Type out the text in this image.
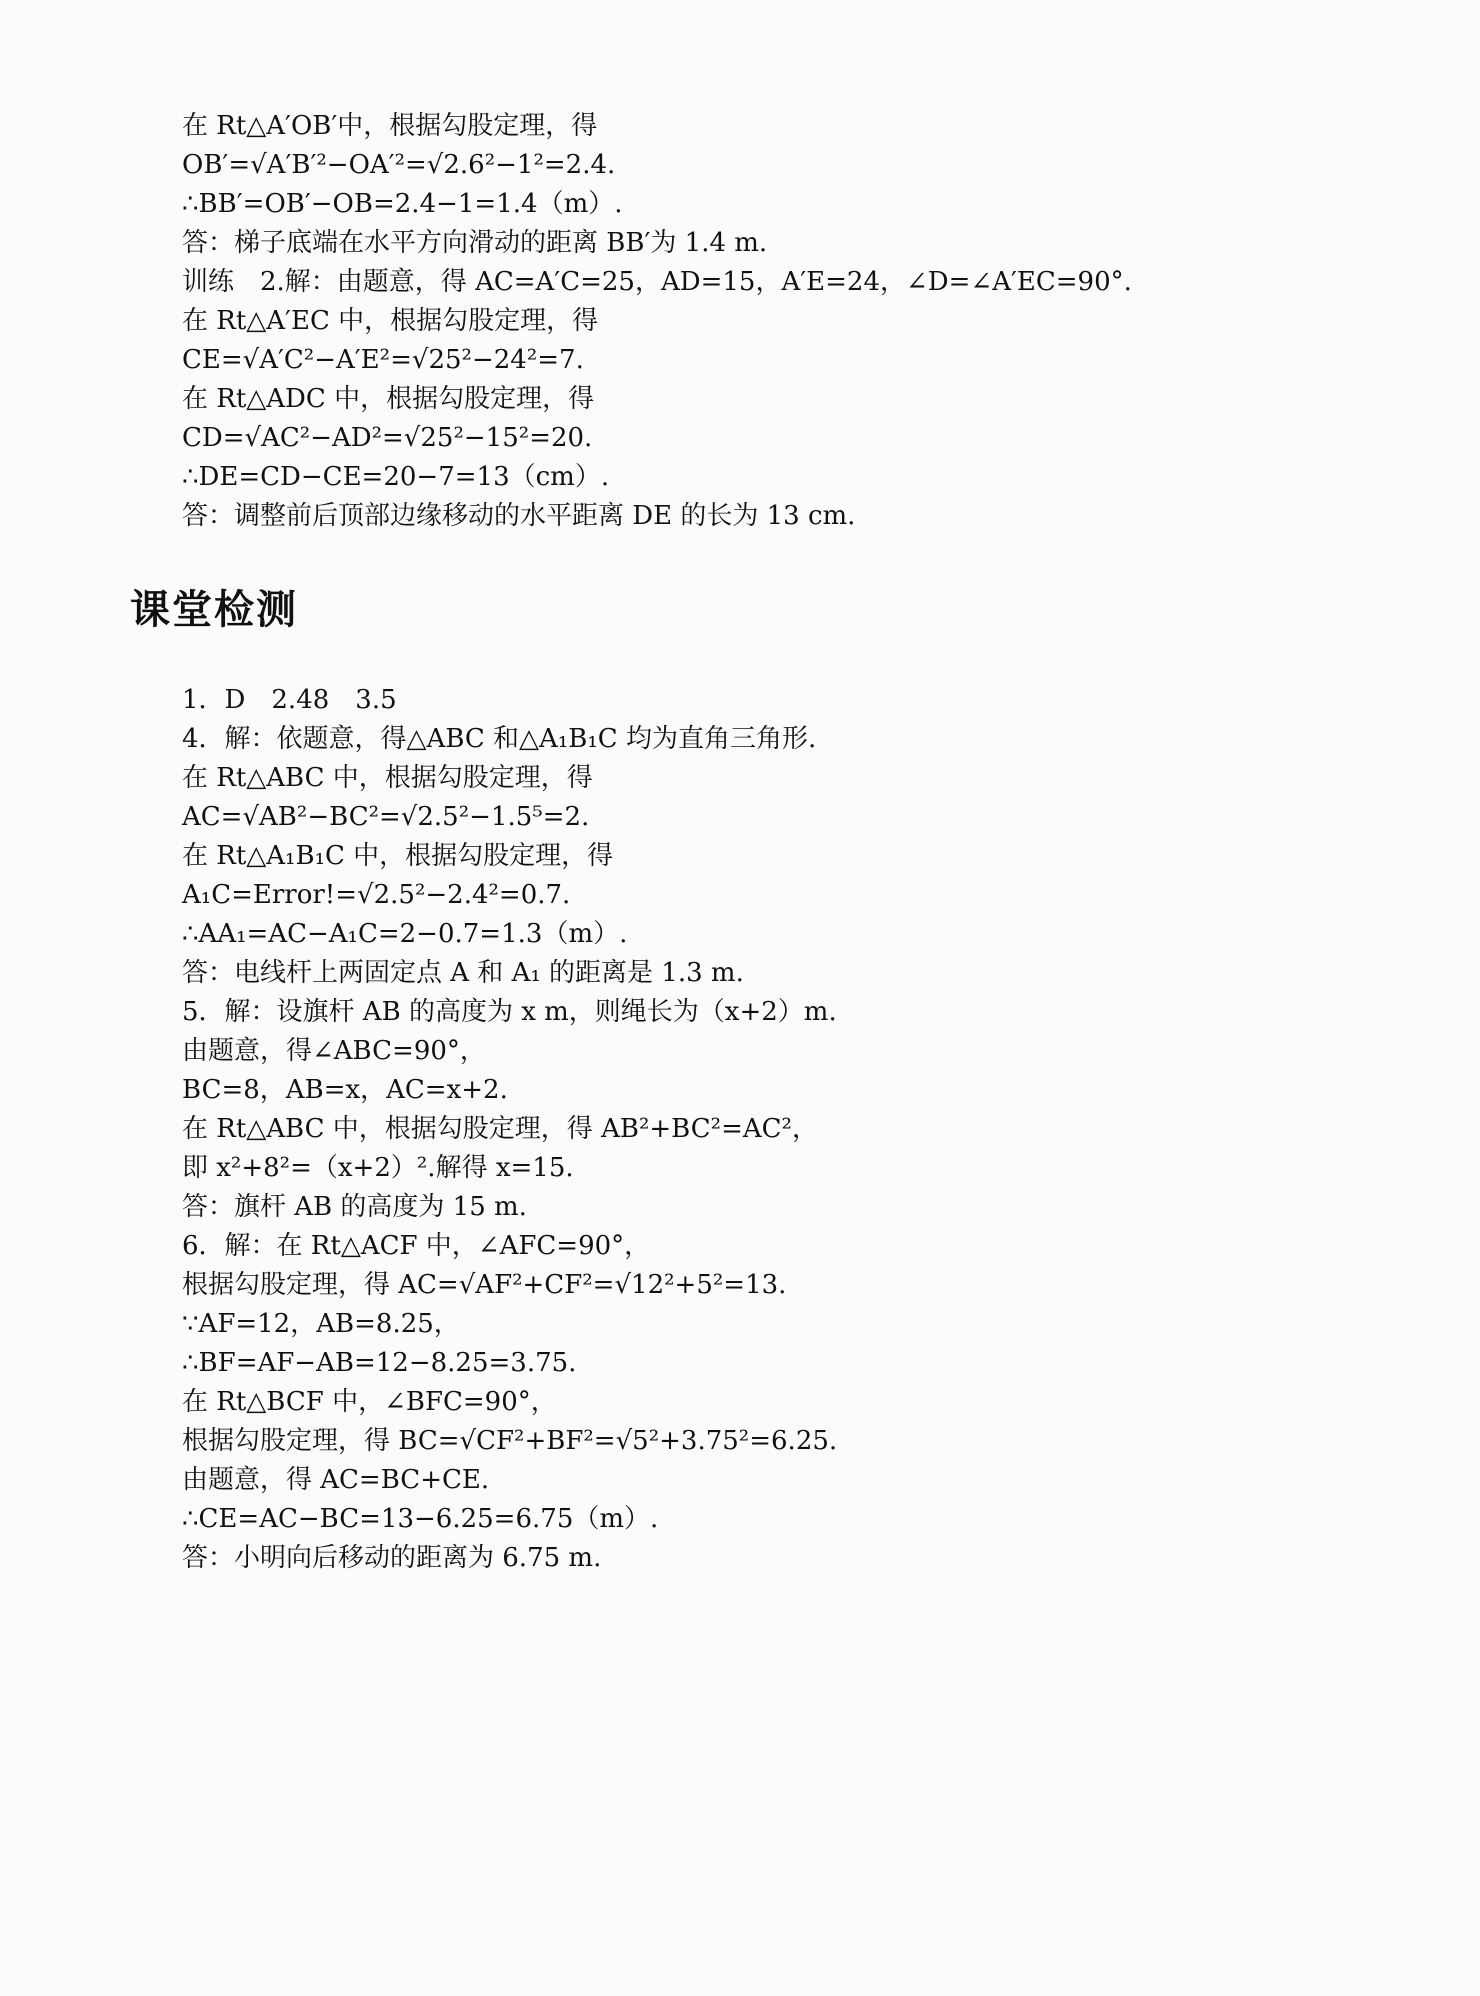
在 Rt△A′OB′中，根据勾股定理，得
OB′=√A′B′²−OA′²=√2.6²−1²=2.4.
∴BB′=OB′−OB=2.4−1=1.4（m）.
答：梯子底端在水平方向滑动的距离 BB′为 1.4 m.
训练　2.解：由题意，得 AC=A′C=25，AD=15，A′E=24，∠D=∠A′EC=90°.
在 Rt△A′EC 中，根据勾股定理，得
CE=√A′C²−A′E²=√25²−24²=7.
在 Rt△ADC 中，根据勾股定理，得
CD=√AC²−AD²=√25²−15²=20.
∴DE=CD−CE=20−7=13（cm）.
答：调整前后顶部边缘移动的水平距离 DE 的长为 13 cm.
课堂检测
1．D　2.48　3.5
4．解：依题意，得△ABC 和△A₁B₁C 均为直角三角形.
在 Rt△ABC 中，根据勾股定理，得
AC=√AB²−BC²=√2.5²−1.5⁵=2.
在 Rt△A₁B₁C 中，根据勾股定理，得
A₁C=Error!=√2.5²−2.4²=0.7.
∴AA₁=AC−A₁C=2−0.7=1.3（m）.
答：电线杆上两固定点 A 和 A₁ 的距离是 1.3 m.
5．解：设旗杆 AB 的高度为 x m，则绳长为（x+2）m.
由题意，得∠ABC=90°，
BC=8，AB=x，AC=x+2.
在 Rt△ABC 中，根据勾股定理，得 AB²+BC²=AC²，
即 x²+8²=（x+2）².解得 x=15.
答：旗杆 AB 的高度为 15 m.
6．解：在 Rt△ACF 中，∠AFC=90°，
根据勾股定理，得 AC=√AF²+CF²=√12²+5²=13.
∵AF=12，AB=8.25，
∴BF=AF−AB=12−8.25=3.75.
在 Rt△BCF 中，∠BFC=90°，
根据勾股定理，得 BC=√CF²+BF²=√5²+3.75²=6.25.
由题意，得 AC=BC+CE.
∴CE=AC−BC=13−6.25=6.75（m）.
答：小明向后移动的距离为 6.75 m.
